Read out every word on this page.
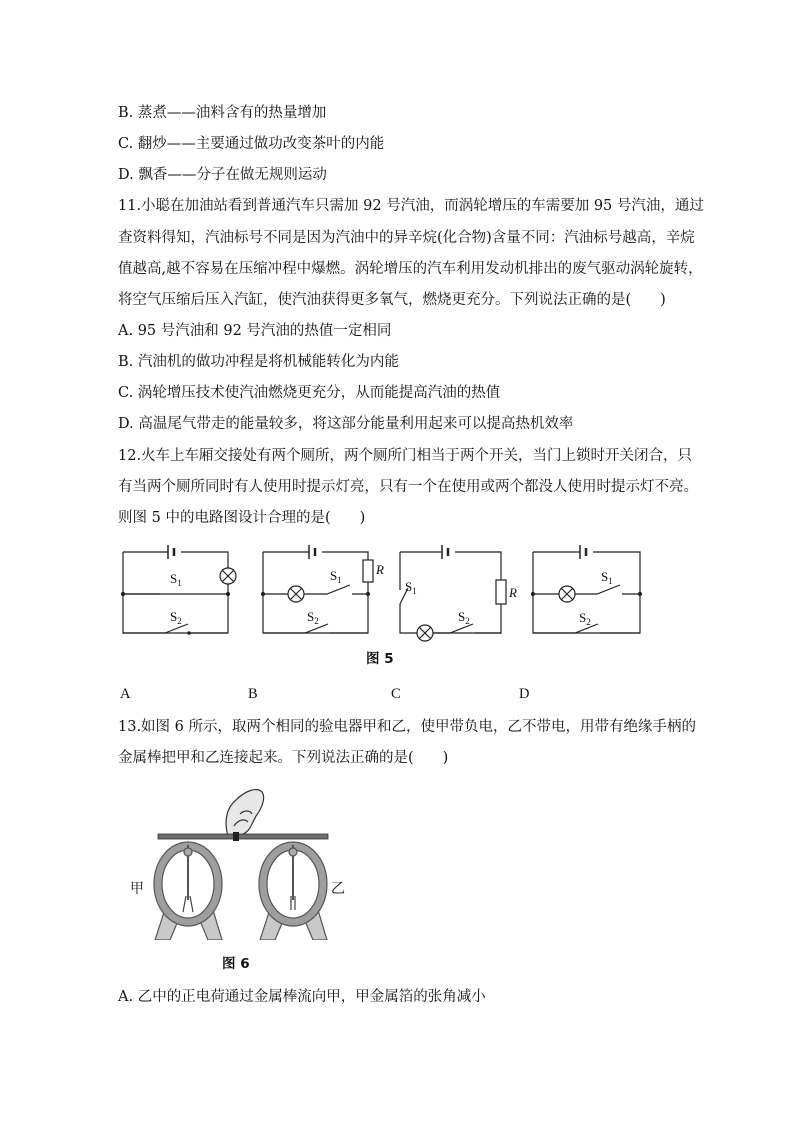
B. 蒸煮——油料含有的热量增加
C. 翻炒——主要通过做功改变茶叶的内能
D. 飘香——分子在做无规则运动
11.小聪在加油站看到普通汽车只需加 92 号汽油，而涡轮增压的车需要加 95 号汽油，通过
查资料得知，汽油标号不同是因为汽油中的异辛烷(化合物)含量不同：汽油标号越高，辛烷
值越高,越不容易在压缩冲程中爆燃。涡轮增压的汽车利用发动机排出的废气驱动涡轮旋转，
将空气压缩后压入汽缸，使汽油获得更多氧气，燃烧更充分。下列说法正确的是(　　)
A. 95 号汽油和 92 号汽油的热值一定相同
B. 汽油机的做功冲程是将机械能转化为内能
C. 涡轮增压技术使汽油燃烧更充分，从而能提高汽油的热值
D. 高温尾气带走的能量较多，将这部分能量利用起来可以提高热机效率
12.火车上车厢交接处有两个厕所，两个厕所门相当于两个开关，当门上锁时开关闭合，只
有当两个厕所同时有人使用时提示灯亮，只有一个在使用或两个都没人使用时提示灯不亮。
则图 5 中的电路图设计合理的是(　　)
$S_1$
$S_2$
$S_1$
$S_2$
R
$S_1$
$S_2$
R
$S_1$
$S_2$
图 5
A	B	C	D
13.如图 6 所示，取两个相同的验电器甲和乙，使甲带负电，乙不带电，用带有绝缘手柄的
金属棒把甲和乙连接起来。下列说法正确的是(　　)
甲	乙
图 6
A. 乙中的正电荷通过金属棒流向甲，甲金属箔的张角减小
